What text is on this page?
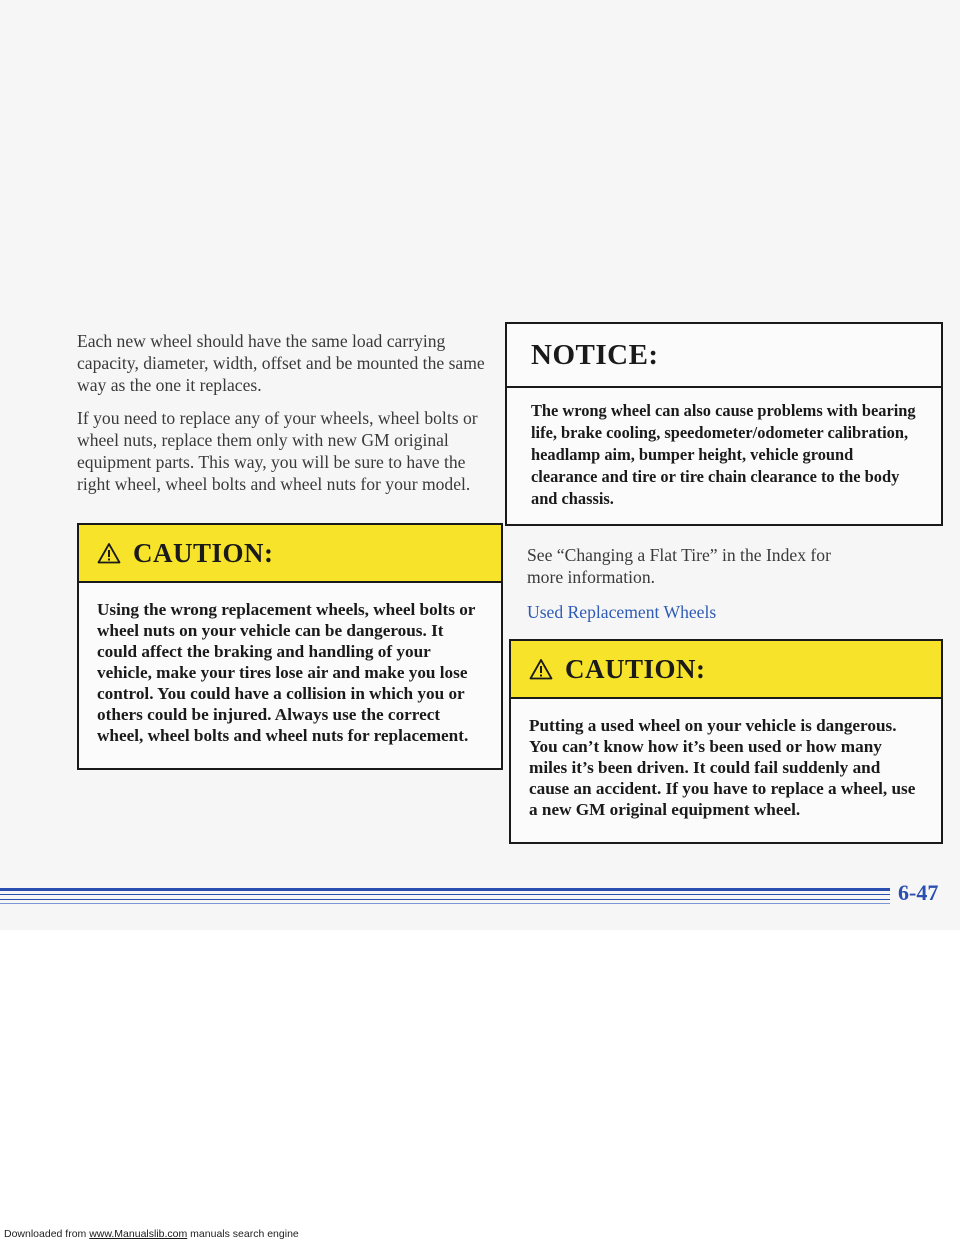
Each new wheel should have the same load carrying capacity, diameter, width, offset and be mounted the same way as the one it replaces.

If you need to replace any of your wheels, wheel bolts or wheel nuts, replace them only with new GM original equipment parts. This way, you will be sure to have the right wheel, wheel bolts and wheel nuts for your model.

CAUTION:
Using the wrong replacement wheels, wheel bolts or wheel nuts on your vehicle can be dangerous. It could affect the braking and handling of your vehicle, make your tires lose air and make you lose control. You could have a collision in which you or others could be injured. Always use the correct wheel, wheel bolts and wheel nuts for replacement.
NOTICE:
The wrong wheel can also cause problems with bearing life, brake cooling, speedometer/odometer calibration, headlamp aim, bumper height, vehicle ground clearance and tire or tire chain clearance to the body and chassis.

See “Changing a Flat Tire” in the Index for more information.

Used Replacement Wheels
CAUTION:
Putting a used wheel on your vehicle is dangerous. You can’t know how it’s been used or how many miles it’s been driven. It could fail suddenly and cause an accident. If you have to replace a wheel, use a new GM original equipment wheel.
6-47
Downloaded from www.Manualslib.com manuals search engine
